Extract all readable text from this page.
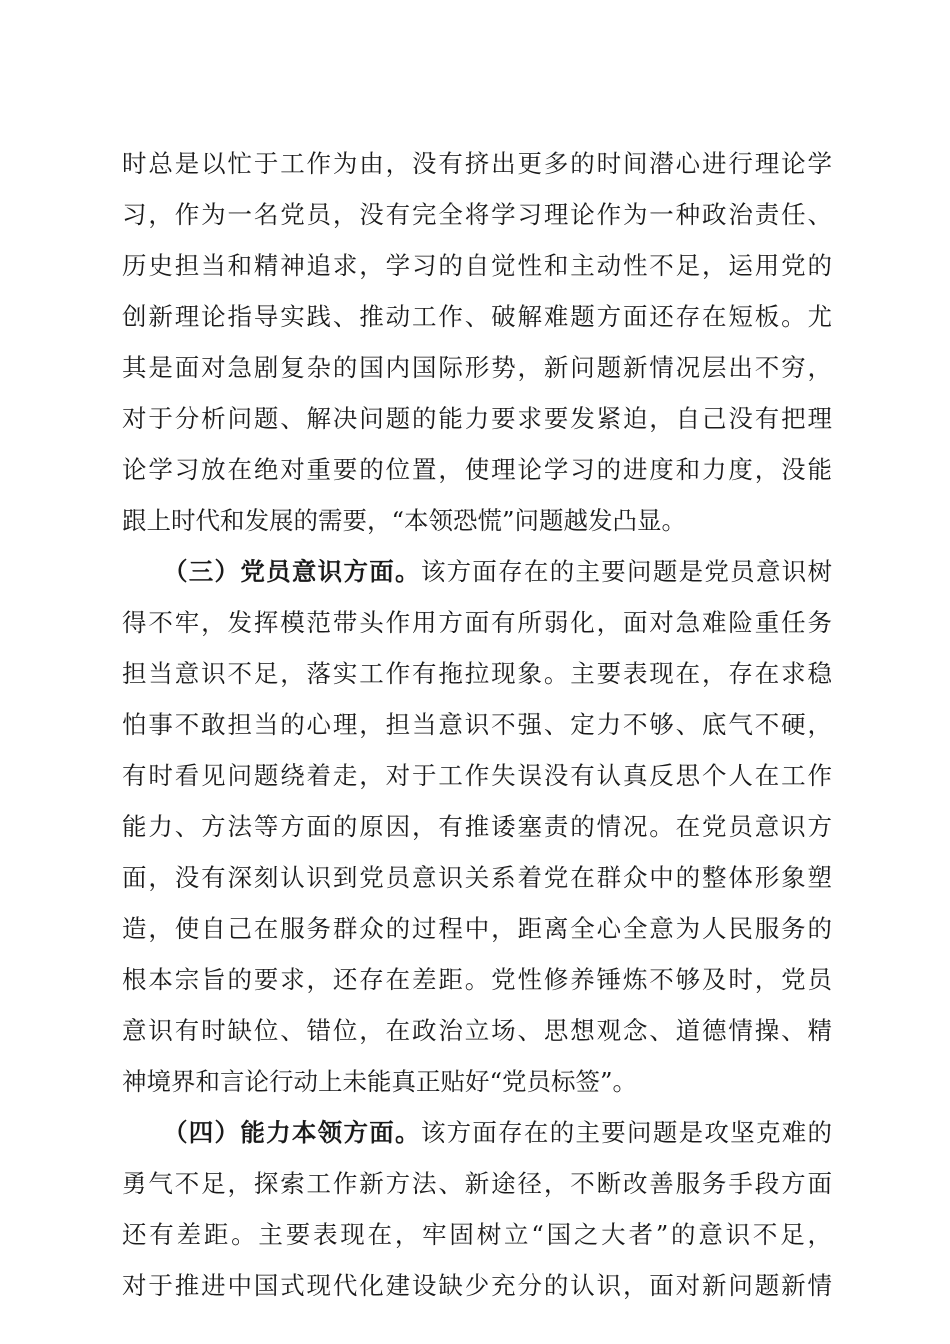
时总是以忙于工作为由，没有挤出更多的时间潜心进行理论学
习，作为一名党员，没有完全将学习理论作为一种政治责任、
历史担当和精神追求，学习的自觉性和主动性不足，运用党的
创新理论指导实践、推动工作、破解难题方面还存在短板。尤
其是面对急剧复杂的国内国际形势，新问题新情况层出不穷，
对于分析问题、解决问题的能力要求要发紧迫，自己没有把理
论学习放在绝对重要的位置，使理论学习的进度和力度，没能
跟上时代和发展的需要，“本领恐慌”问题越发凸显。
（三）党员意识方面。该方面存在的主要问题是党员意识树
得不牢，发挥模范带头作用方面有所弱化，面对急难险重任务
担当意识不足，落实工作有拖拉现象。主要表现在，存在求稳
怕事不敢担当的心理，担当意识不强、定力不够、底气不硬，
有时看见问题绕着走，对于工作失误没有认真反思个人在工作
能力、方法等方面的原因，有推诿塞责的情况。在党员意识方
面，没有深刻认识到党员意识关系着党在群众中的整体形象塑
造，使自己在服务群众的过程中，距离全心全意为人民服务的
根本宗旨的要求，还存在差距。党性修养锤炼不够及时，党员
意识有时缺位、错位，在政治立场、思想观念、道德情操、精
神境界和言论行动上未能真正贴好“党员标签”。
（四）能力本领方面。该方面存在的主要问题是攻坚克难的
勇气不足，探索工作新方法、新途径，不断改善服务手段方面
还有差距。主要表现在，牢固树立“国之大者”的意识不足，
对于推进中国式现代化建设缺少充分的认识，面对新问题新情
